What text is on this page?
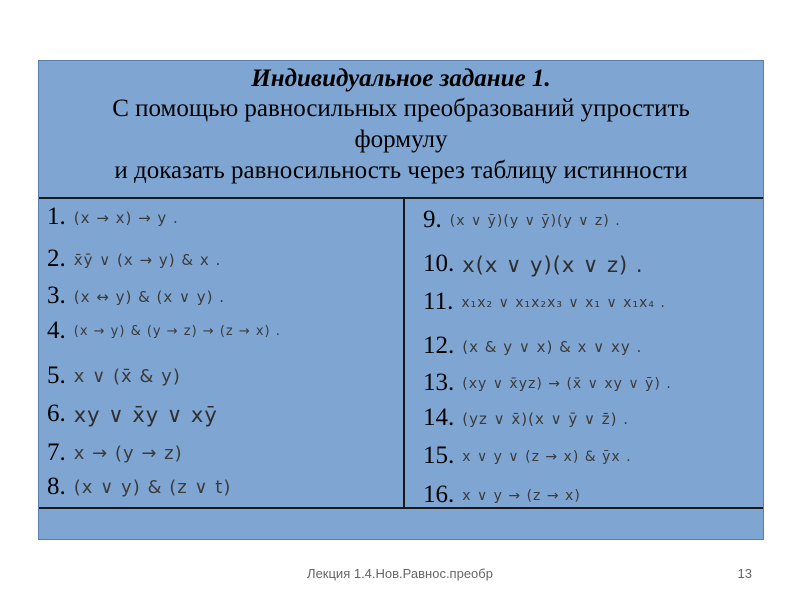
Индивидуальное задание 1.
С помощью равносильных преобразований упростить
формулу
и доказать равносильность через таблицу истинности
1. (x → x) → y .
2. x̄ȳ ∨ (x → y) & x .
3. (x ↔ y) & (x ∨ y) .
4. (x → y) & (y → z) → (z → x) .
5. x ∨ (x̄ & y)
6. xy ∨ x̄y ∨ xȳ
7. x → (y → z)
8. (x ∨ y) & (z ∨ t)
9. (x ∨ ȳ)(y ∨ ȳ)(y ∨ z) .
10. x(x ∨ y)(x ∨ z) .
11. x₁x₂ ∨ x₁x₂x₃ ∨ x₁ ∨ x₁x₄ .
12. (x & y ∨ x) & x ∨ xy .
13. (xy ∨ x̄yz) → (x̄ ∨ xy ∨ ȳ) .
14. (yz ∨ x̄)(x ∨ ȳ ∨ z̄) .
15. x ∨ y ∨ (z → x) & ȳx .
16. x ∨ y → (z → x)
Лекция 1.4.Нов.Равнос.преобр	13
